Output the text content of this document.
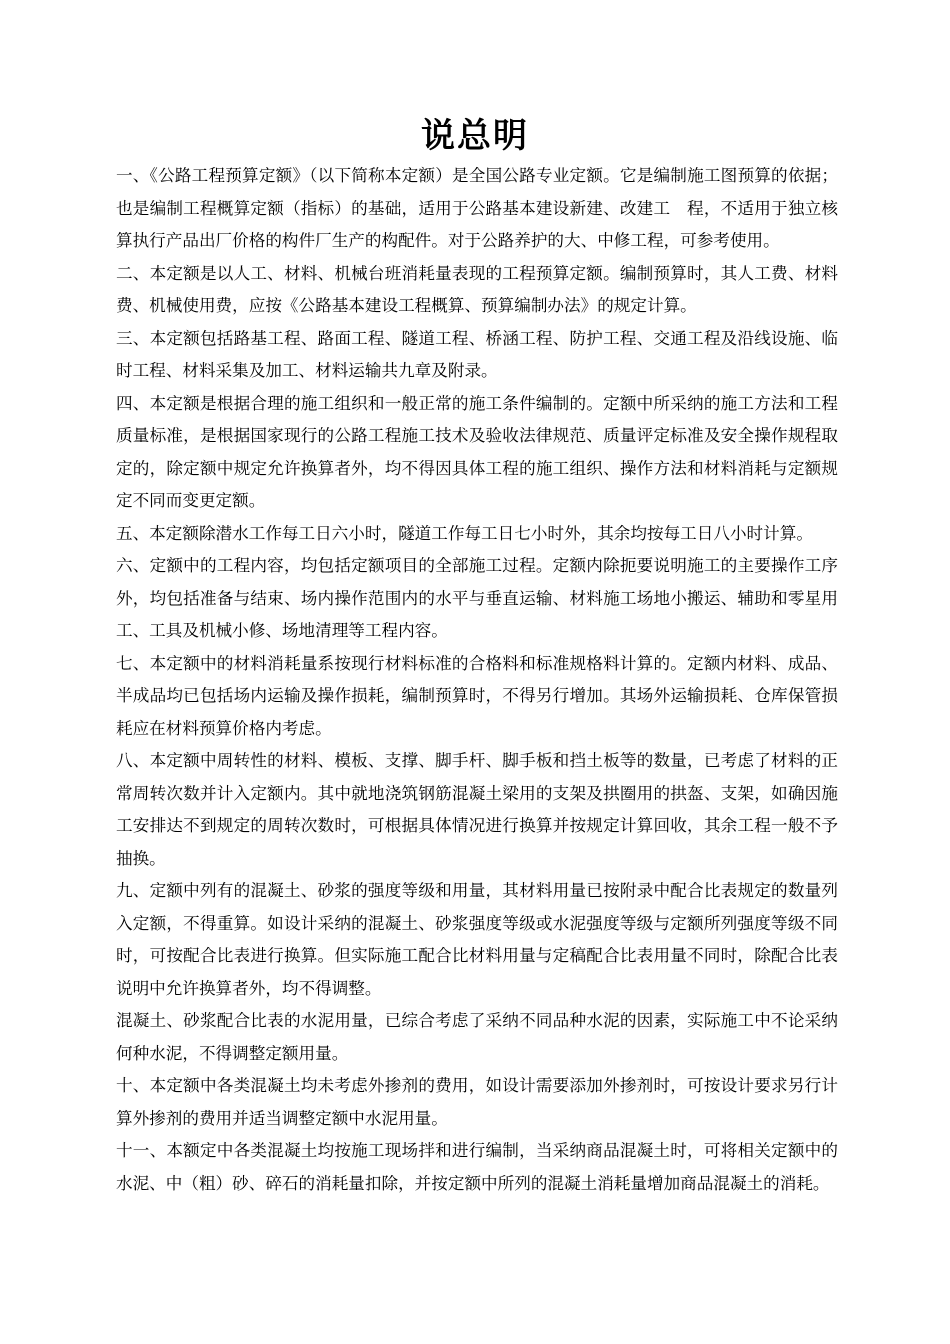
说总明

一、《公路工程预算定额》（以下简称本定额）是全国公路专业定额。它是编制施工图预算的依据；也是编制工程概算定额（指标）的基础，适用于公路基本建设新建、改建工　程，不适用于独立核算执行产品出厂价格的构件厂生产的构配件。对于公路养护的大、中修工程，可参考使用。

二、本定额是以人工、材料、机械台班消耗量表现的工程预算定额。编制预算时，其人工费、材料费、机械使用费，应按《公路基本建设工程概算、预算编制办法》的规定计算。

三、本定额包括路基工程、路面工程、隧道工程、桥涵工程、防护工程、交通工程及沿线设施、临时工程、材料采集及加工、材料运输共九章及附录。

四、本定额是根据合理的施工组织和一般正常的施工条件编制的。定额中所采纳的施工方法和工程质量标准，是根据国家现行的公路工程施工技术及验收法律规范、质量评定标准及安全操作规程取定的，除定额中规定允许换算者外，均不得因具体工程的施工组织、操作方法和材料消耗与定额规定不同而变更定额。

五、本定额除潜水工作每工日六小时，隧道工作每工日七小时外，其余均按每工日八小时计算。

六、定额中的工程内容，均包括定额项目的全部施工过程。定额内除扼要说明施工的主要操作工序外，均包括准备与结束、场内操作范围内的水平与垂直运输、材料施工场地小搬运、辅助和零星用工、工具及机械小修、场地清理等工程内容。

七、本定额中的材料消耗量系按现行材料标准的合格料和标准规格料计算的。定额内材料、成品、半成品均已包括场内运输及操作损耗，编制预算时，不得另行增加。其场外运输损耗、仓库保管损耗应在材料预算价格内考虑。

八、本定额中周转性的材料、模板、支撑、脚手杆、脚手板和挡土板等的数量，已考虑了材料的正常周转次数并计入定额内。其中就地浇筑钢筋混凝土梁用的支架及拱圈用的拱盔、支架，如确因施工安排达不到规定的周转次数时，可根据具体情况进行换算并按规定计算回收，其余工程一般不予抽换。

九、定额中列有的混凝土、砂浆的强度等级和用量，其材料用量已按附录中配合比表规定的数量列入定额，不得重算。如设计采纳的混凝土、砂浆强度等级或水泥强度等级与定额所列强度等级不同时，可按配合比表进行换算。但实际施工配合比材料用量与定稿配合比表用量不同时，除配合比表说明中允许换算者外，均不得调整。

混凝土、砂浆配合比表的水泥用量，已综合考虑了采纳不同品种水泥的因素，实际施工中不论采纳何种水泥，不得调整定额用量。

十、本定额中各类混凝土均未考虑外掺剂的费用，如设计需要添加外掺剂时，可按设计要求另行计算外掺剂的费用并适当调整定额中水泥用量。

十一、本额定中各类混凝土均按施工现场拌和进行编制，当采纳商品混凝土时，可将相关定额中的水泥、中（粗）砂、碎石的消耗量扣除，并按定额中所列的混凝土消耗量增加商品混凝土的消耗。
